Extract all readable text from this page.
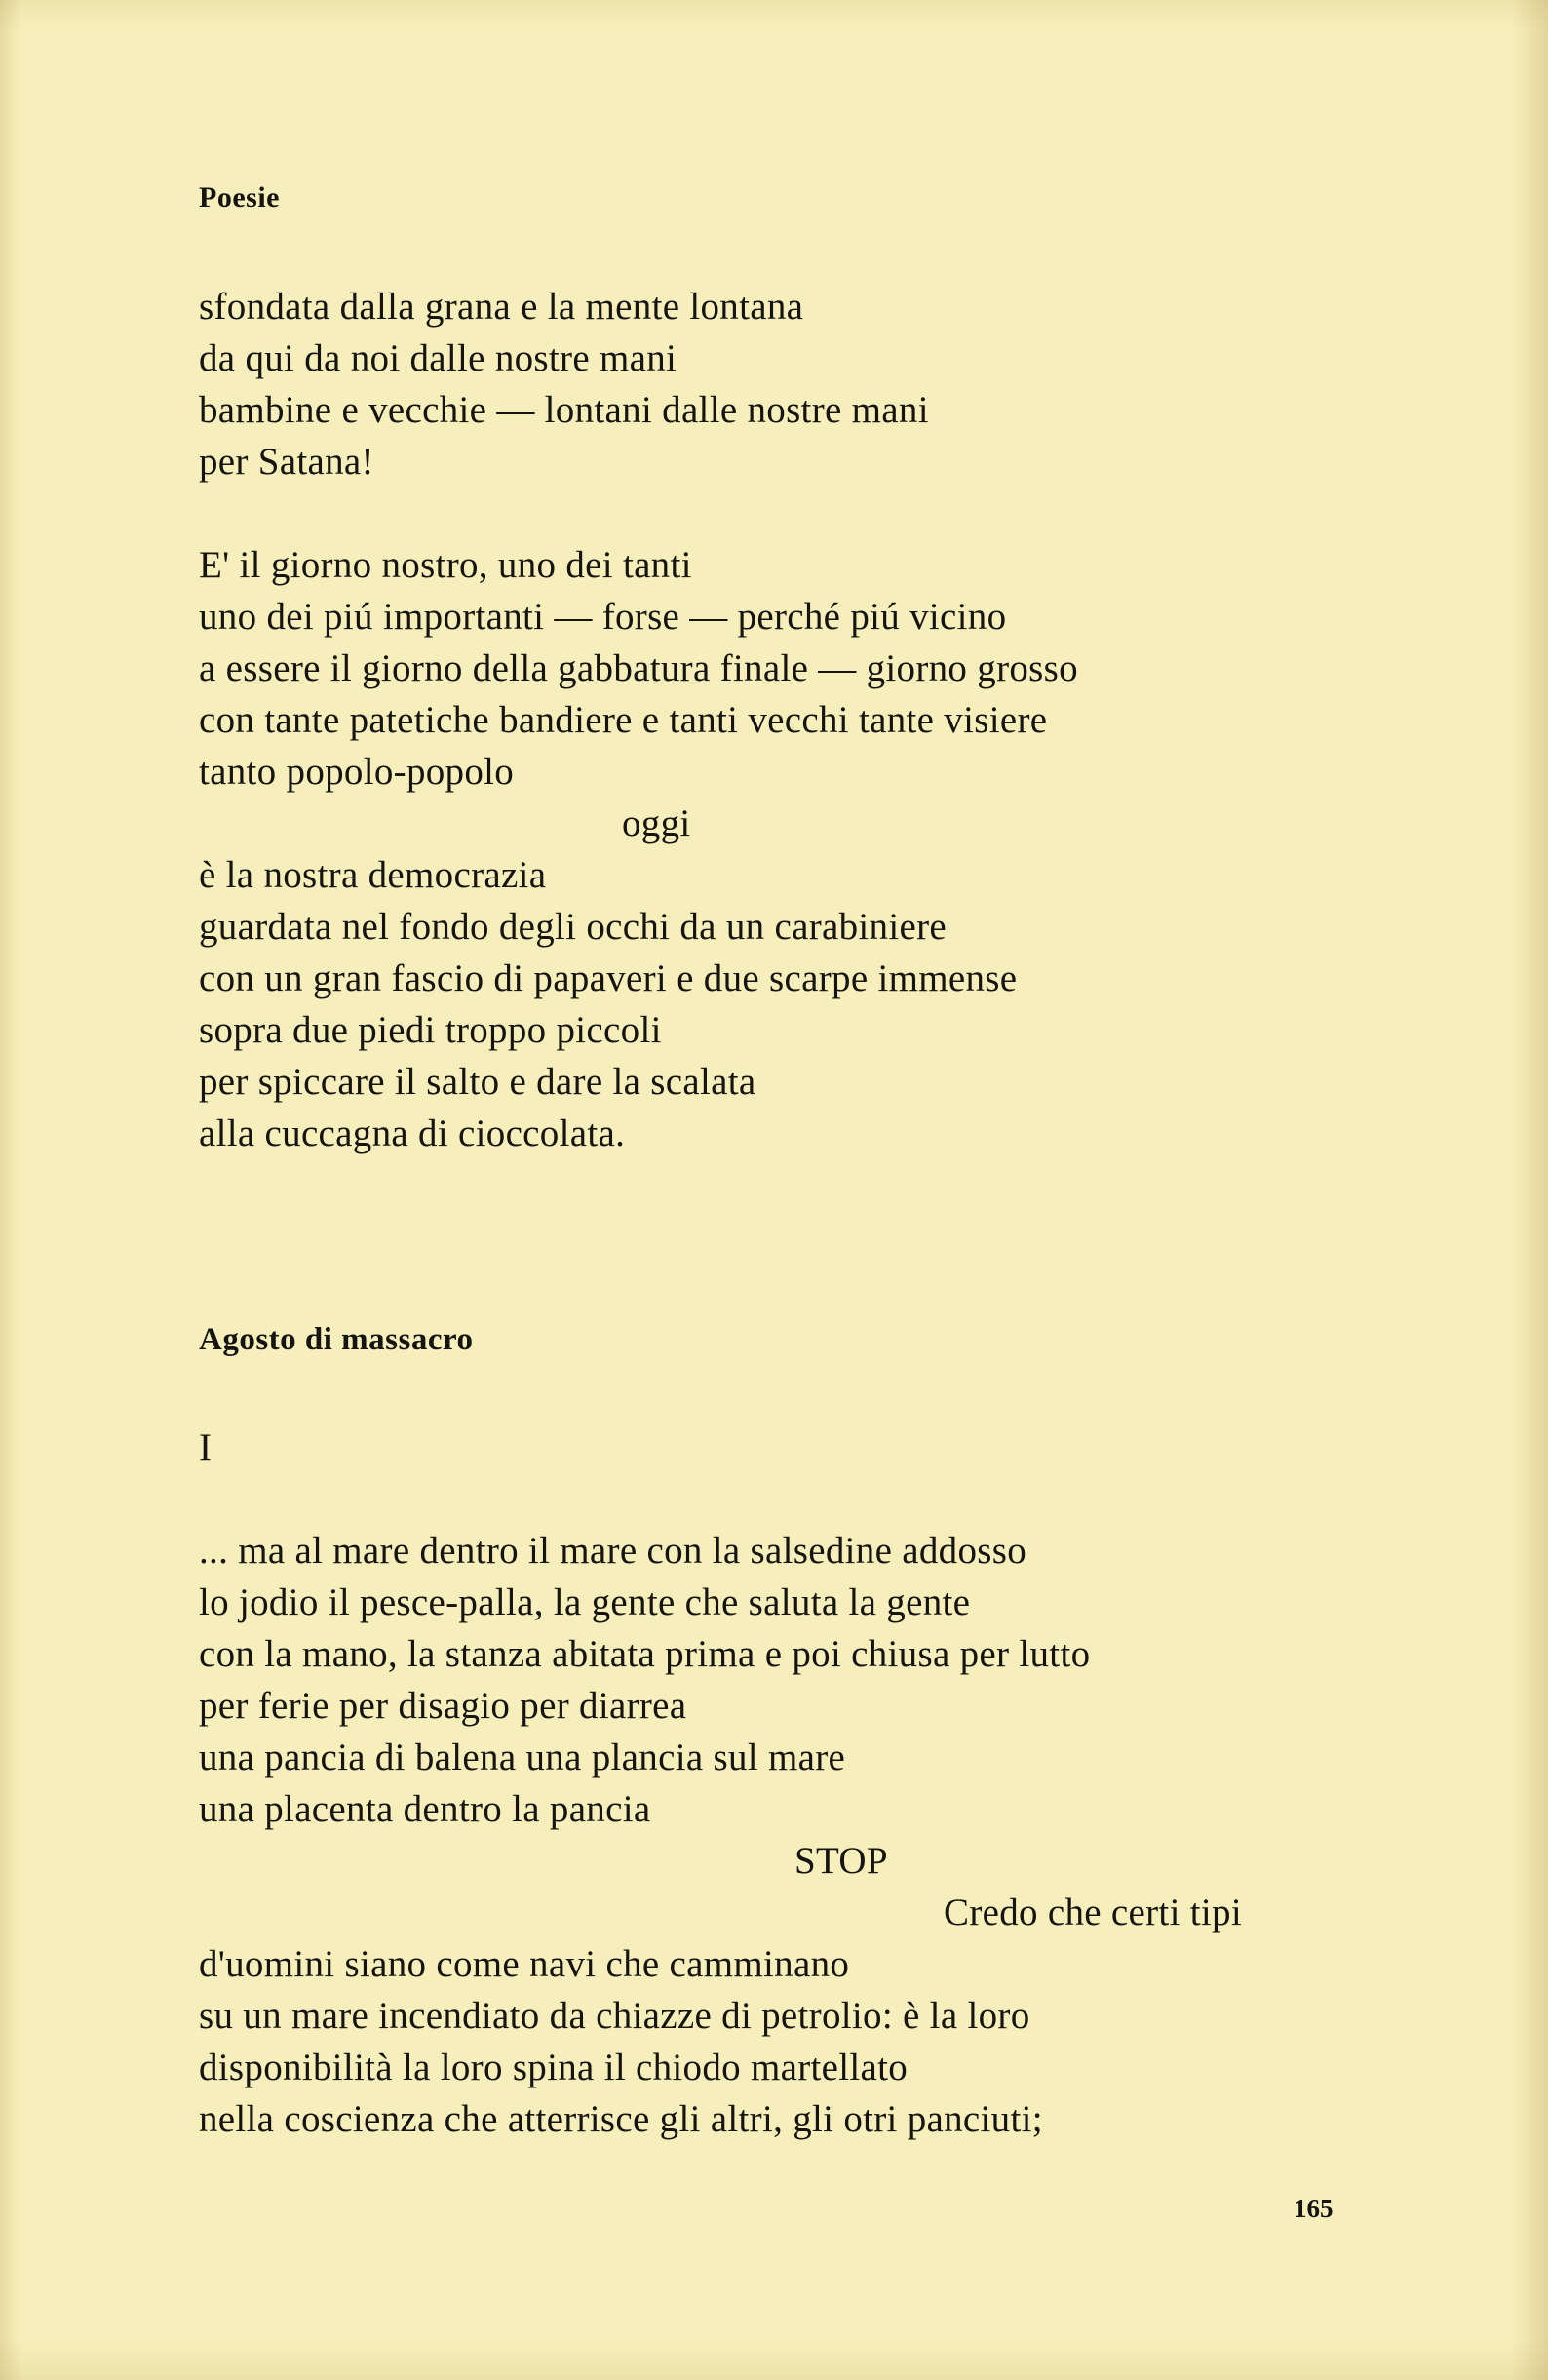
Poesie
sfondata dalla grana e la mente lontana
da qui da noi dalle nostre mani
bambine e vecchie — lontani dalle nostre mani
per Satana!
E' il giorno nostro, uno dei tanti
uno dei piú importanti — forse — perché piú vicino
a essere il giorno della gabbatura finale — giorno grosso
con tante patetiche bandiere e tanti vecchi tante visiere
tanto popolo-popolo
oggi
è la nostra democrazia
guardata nel fondo degli occhi da un carabiniere
con un gran fascio di papaveri e due scarpe immense
sopra due piedi troppo piccoli
per spiccare il salto e dare la scalata
alla cuccagna di cioccolata.
Agosto di massacro
I
... ma al mare dentro il mare con la salsedine addosso
lo jodio il pesce-palla, la gente che saluta la gente
con la mano, la stanza abitata prima e poi chiusa per lutto
per ferie per disagio per diarrea
una pancia di balena una plancia sul mare
una placenta dentro la pancia
STOP
Credo che certi tipi
d'uomini siano come navi che camminano
su un mare incendiato da chiazze di petrolio: è la loro
disponibilità la loro spina il chiodo martellato
nella coscienza che atterrisce gli altri, gli otri panciuti;
165
